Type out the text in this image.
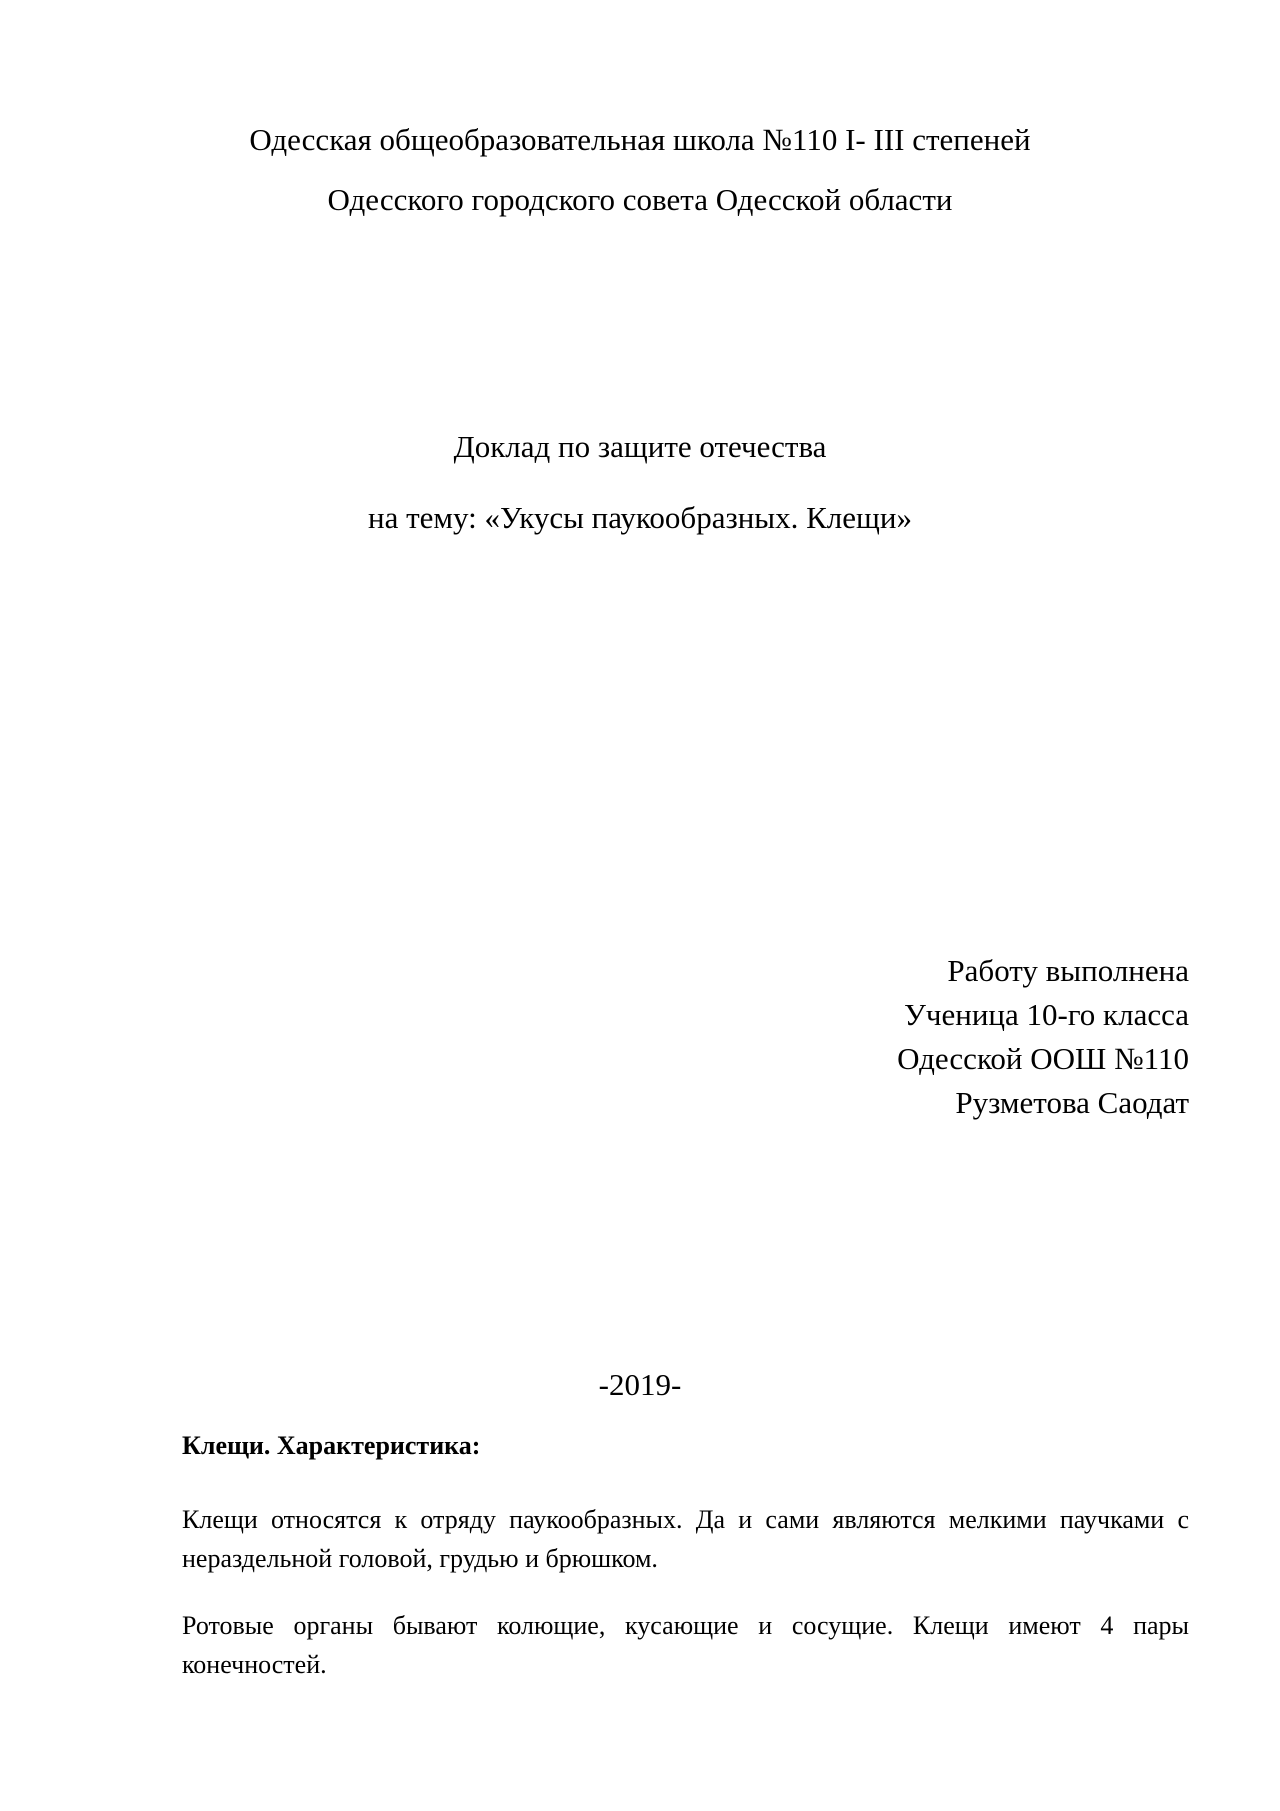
Одесская общеобразовательная школа №110 I- III степеней
Одесского городского совета Одесской области
Доклад по защите отечества
на тему: «Укусы паукообразных. Клещи»
Работу выполнена
Ученица 10-го класса
Одесской ООШ №110
Рузметова Саодат
-2019-
Клещи. Характеристика:
Клещи относятся к отряду паукообразных. Да и сами являются мелкими паучками с нераздельной головой, грудью и брюшком.
Ротовые органы бывают колющие, кусающие и сосущие. Клещи имеют 4 пары конечностей.
